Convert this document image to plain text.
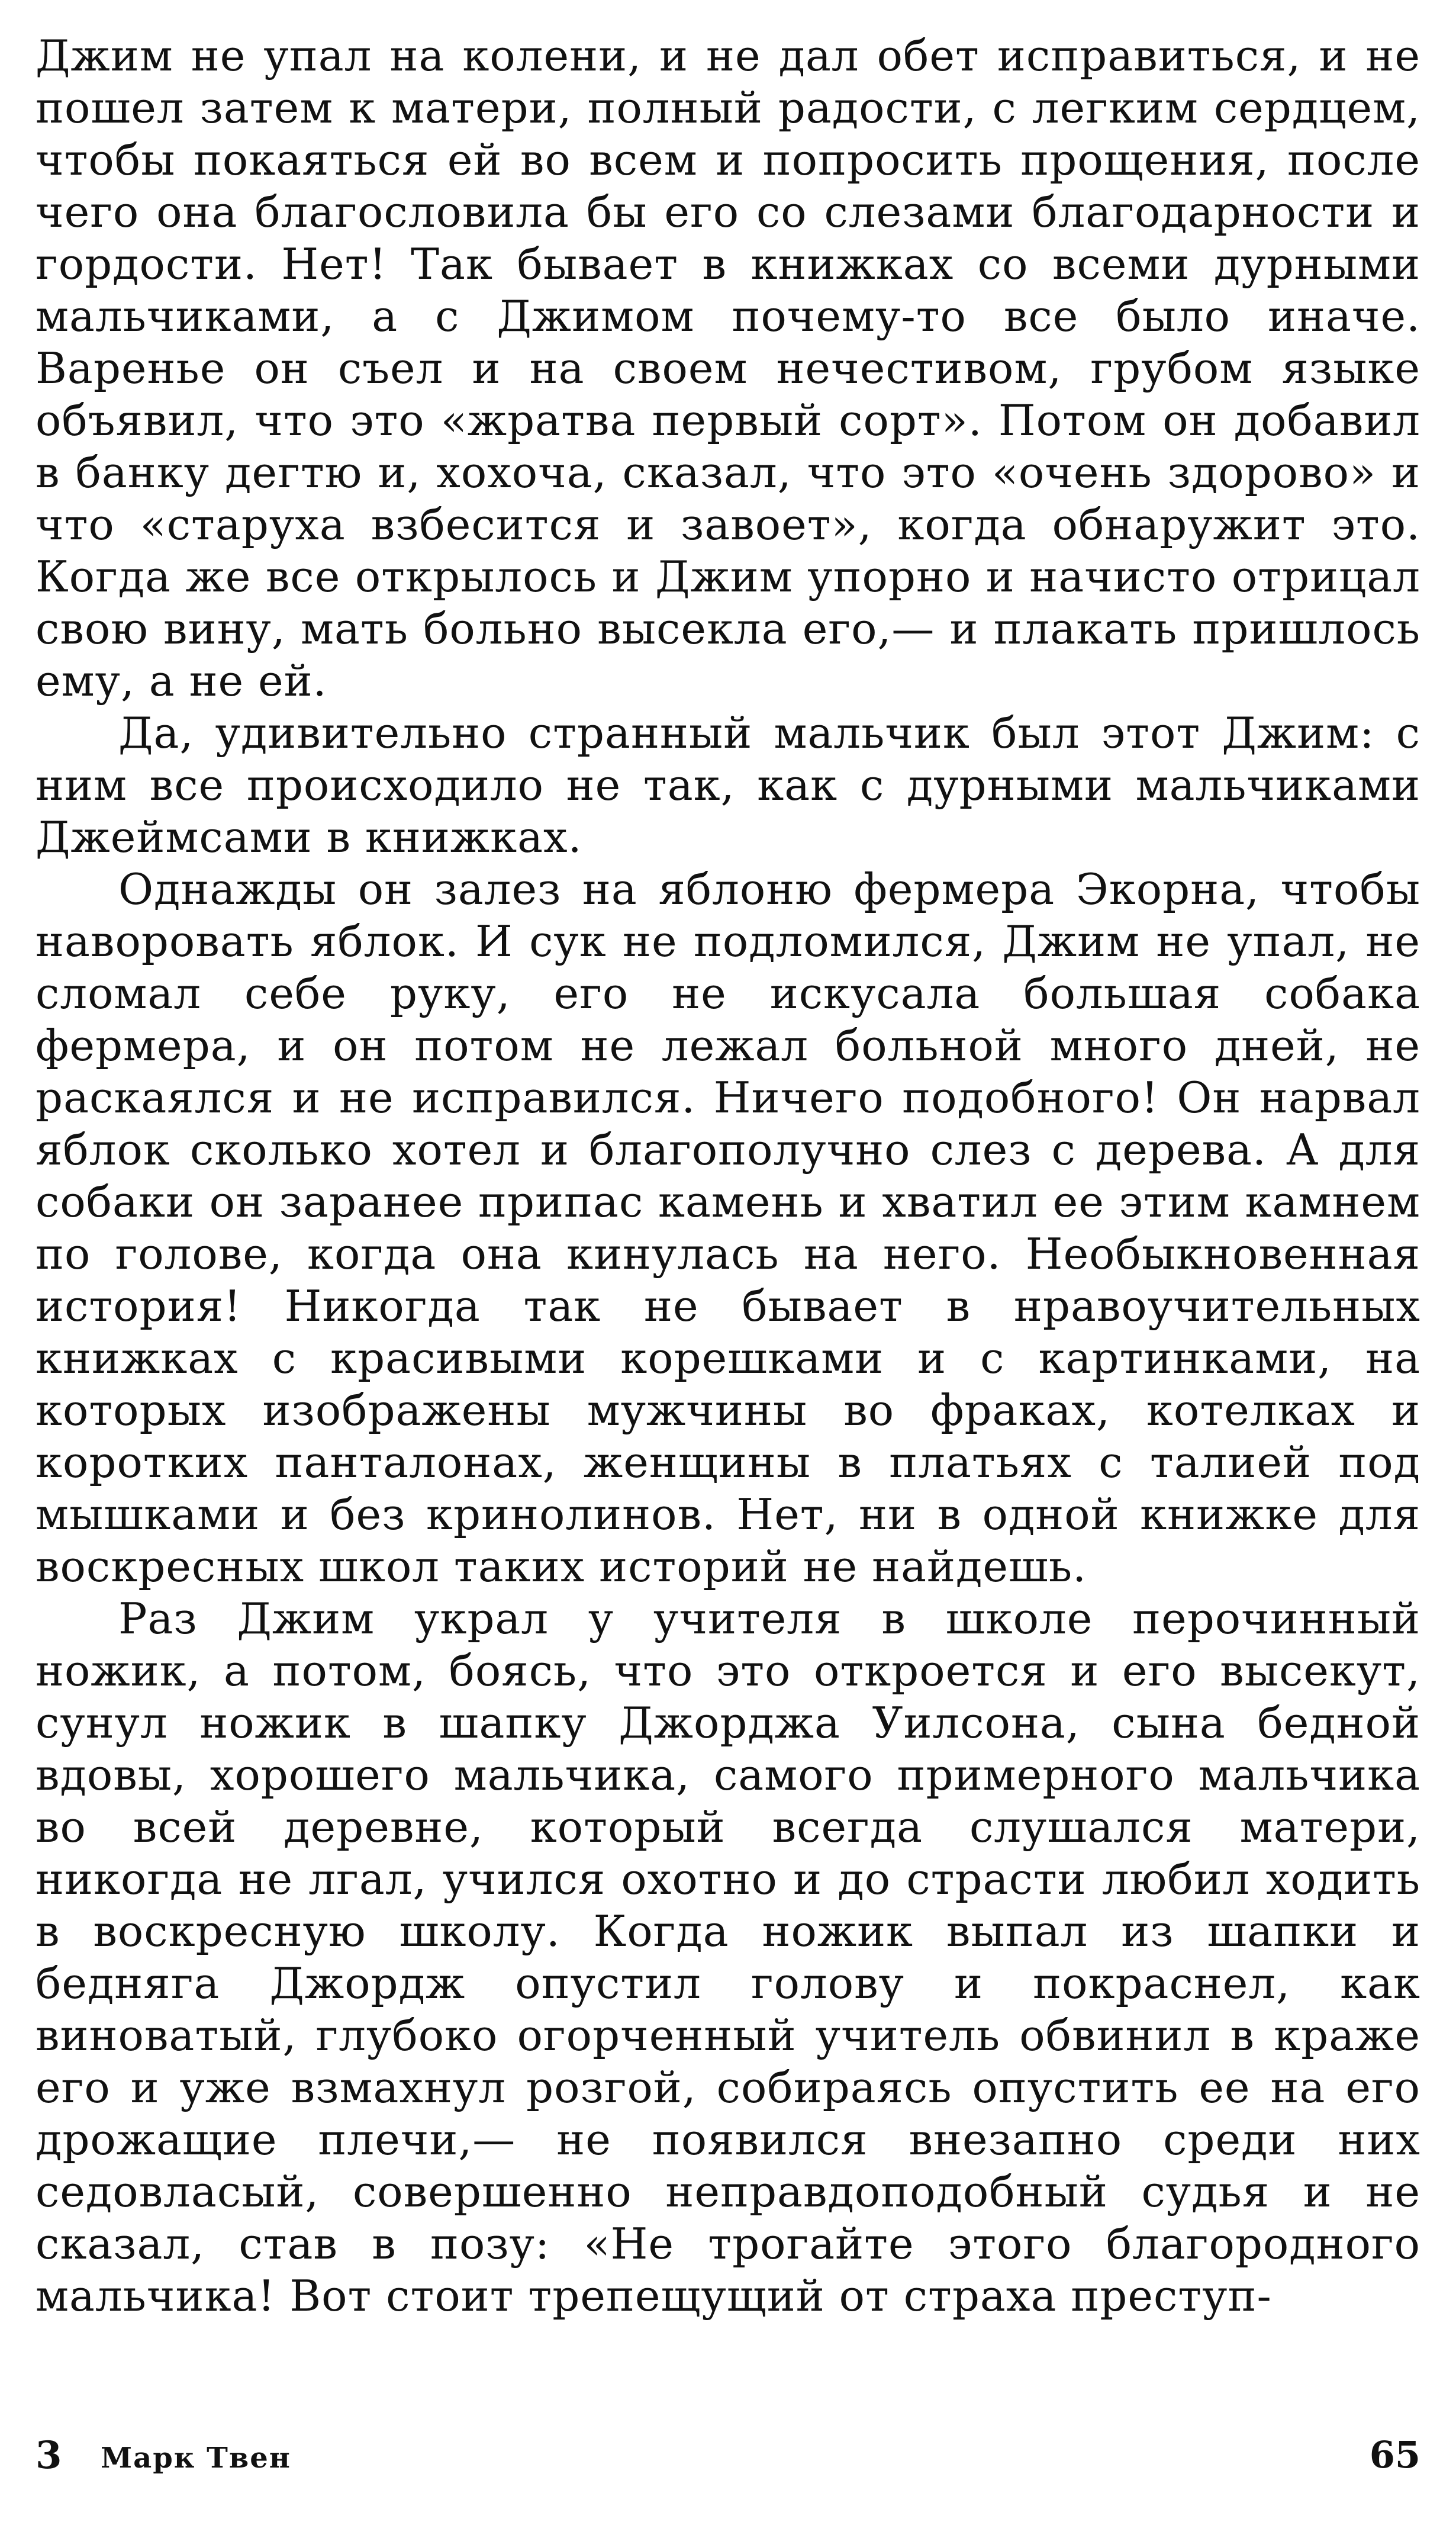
Джим не упал на колени, и не дал обет исправиться, и не пошел затем к матери, полный радости, с легким сердцем, чтобы покаяться ей во всем и попросить прощения, после чего она благословила бы его со слезами благодарности и гордости. Нет! Так бывает в книжках со всеми дурными мальчиками, а с Джимом почему-то все было иначе. Варенье он съел и на своем нечестивом, грубом языке объявил, что это «жратва первый сорт». Потом он добавил в банку дегтю и, хохоча, сказал, что это «очень здорово» и что «старуха взбесится и завоет», когда обнаружит это. Когда же все открылось и Джим упорно и начисто отрицал свою вину, мать больно высекла его,— и плакать пришлось ему, а не ей.

Да, удивительно странный мальчик был этот Джим: с ним все происходило не так, как с дурными мальчиками Джеймсами в книжках.

Однажды он залез на яблоню фермера Экорна, чтобы наворовать яблок. И сук не подломился, Джим не упал, не сломал себе руку, его не искусала большая собака фермера, и он потом не лежал больной много дней, не раскаялся и не исправился. Ничего подобного! Он нарвал яблок сколько хотел и благополучно слез с дерева. А для собаки он заранее припас камень и хватил ее этим камнем по голове, когда она кинулась на него. Необыкновенная история! Никогда так не бывает в нравоучительных книжках с красивыми корешками и с картинками, на которых изображены мужчины во фраках, котелках и коротких панталонах, женщины в платьях с талией под мышками и без кринолинов. Нет, ни в одной книжке для воскресных школ таких историй не найдешь.

Раз Джим украл у учителя в школе перочинный ножик, а потом, боясь, что это откроется и его высекут, сунул ножик в шапку Джорджа Уилсона, сына бедной вдовы, хорошего мальчика, самого примерного мальчика во всей деревне, который всегда слушался матери, никогда не лгал, учился охотно и до страсти любил ходить в воскресную школу. Когда ножик выпал из шапки и бедняга Джордж опустил голову и покраснел, как виноватый, глубоко огорченный учитель обвинил в краже его и уже взмахнул розгой, собираясь опустить ее на его дрожащие плечи,— не появился внезапно среди них седовласый, совершенно неправдоподобный судья и не сказал, став в позу: «Не трогайте этого благородного мальчика! Вот стоит трепещущий от страха преступ-

3 Марк Твен	65
